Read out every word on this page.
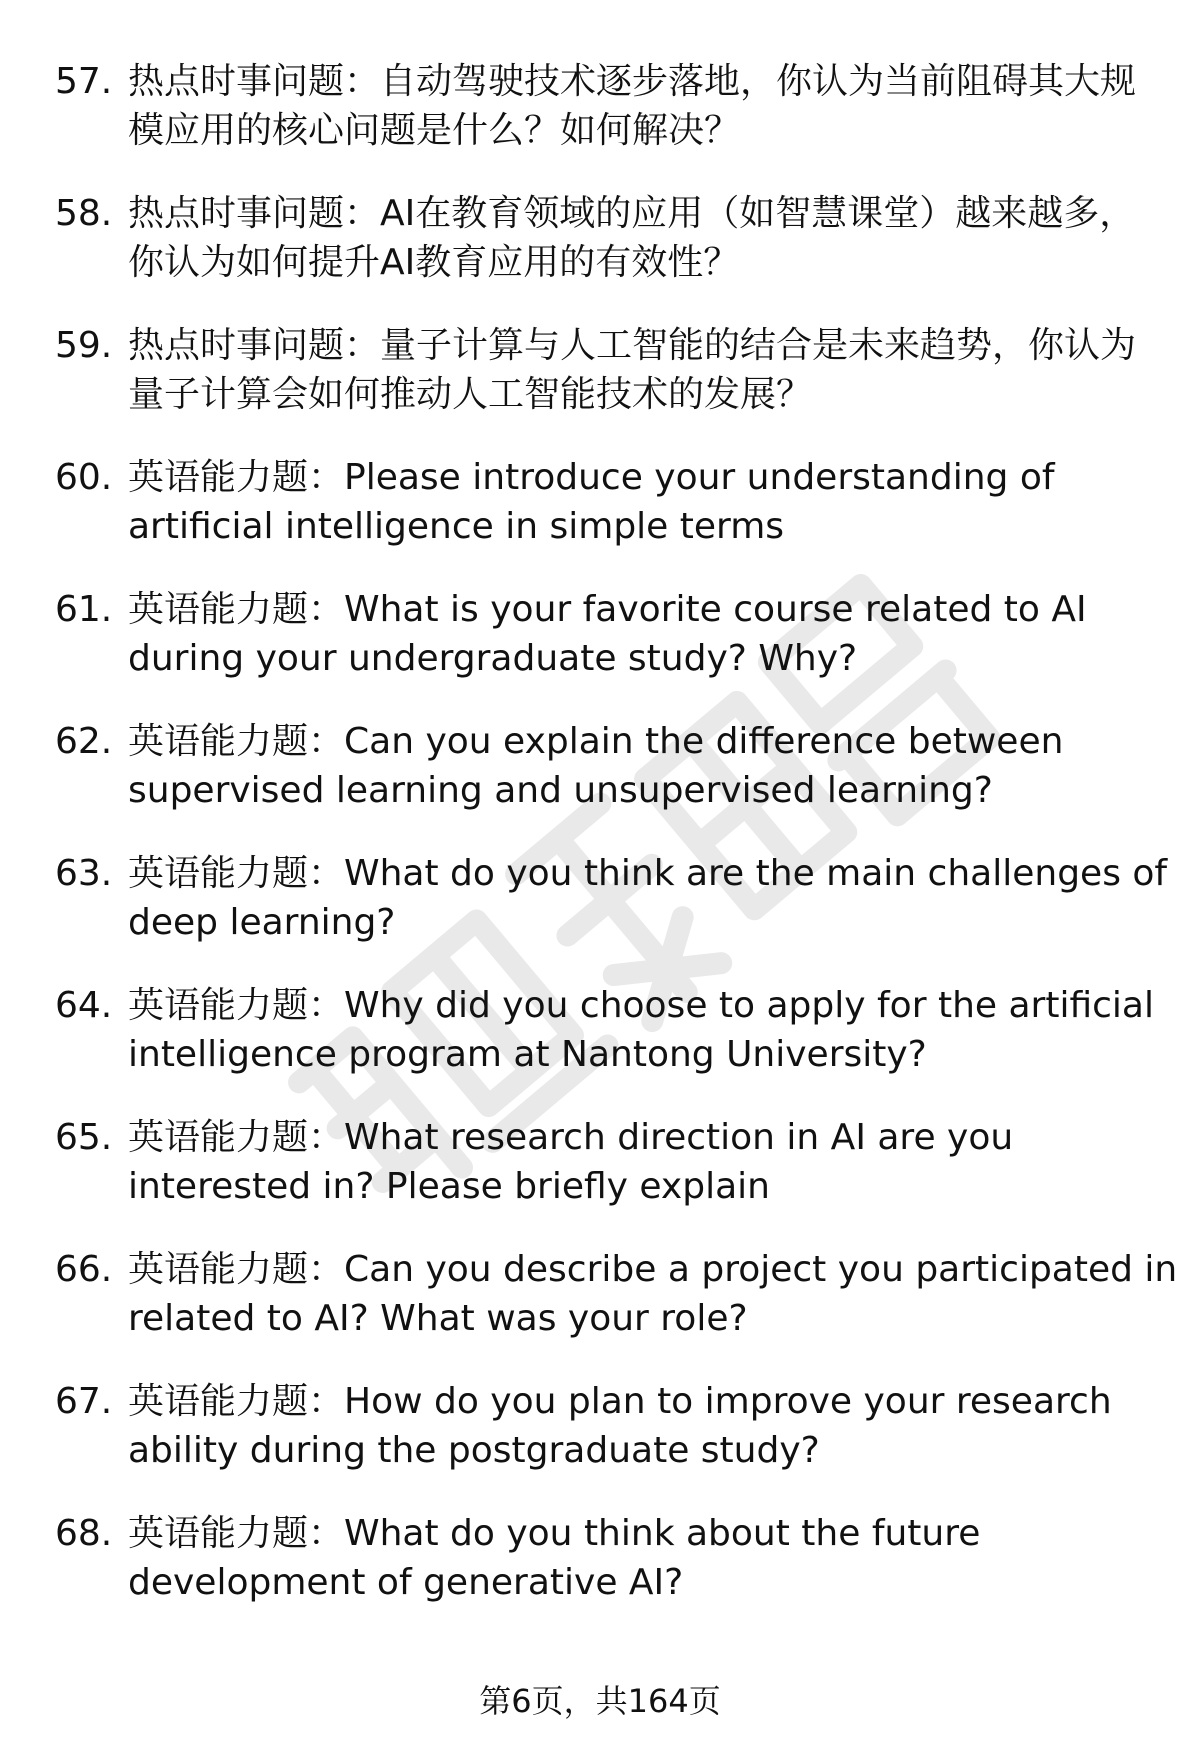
57. 热点时事问题：自动驾驶技术逐步落地，你认为当前阻碍其大规
模应用的核心问题是什么？如何解决？
58. 热点时事问题：AI在教育领域的应用（如智慧课堂）越来越多，
你认为如何提升AI教育应用的有效性？
59. 热点时事问题：量子计算与人工智能的结合是未来趋势，你认为
量子计算会如何推动人工智能技术的发展？
60. 英语能力题：Please introduce your understanding of
artificial intelligence in simple terms
61. 英语能力题：What is your favorite course related to AI
during your undergraduate study? Why?
62. 英语能力题：Can you explain the difference between
supervised learning and unsupervised learning?
63. 英语能力题：What do you think are the main challenges of
deep learning?
64. 英语能力题：Why did you choose to apply for the artificial
intelligence program at Nantong University?
65. 英语能力题：What research direction in AI are you
interested in? Please briefly explain
66. 英语能力题：Can you describe a project you participated in
related to AI? What was your role?
67. 英语能力题：How do you plan to improve your research
ability during the postgraduate study?
68. 英语能力题：What do you think about the future
development of generative AI?
第6页，共164页
